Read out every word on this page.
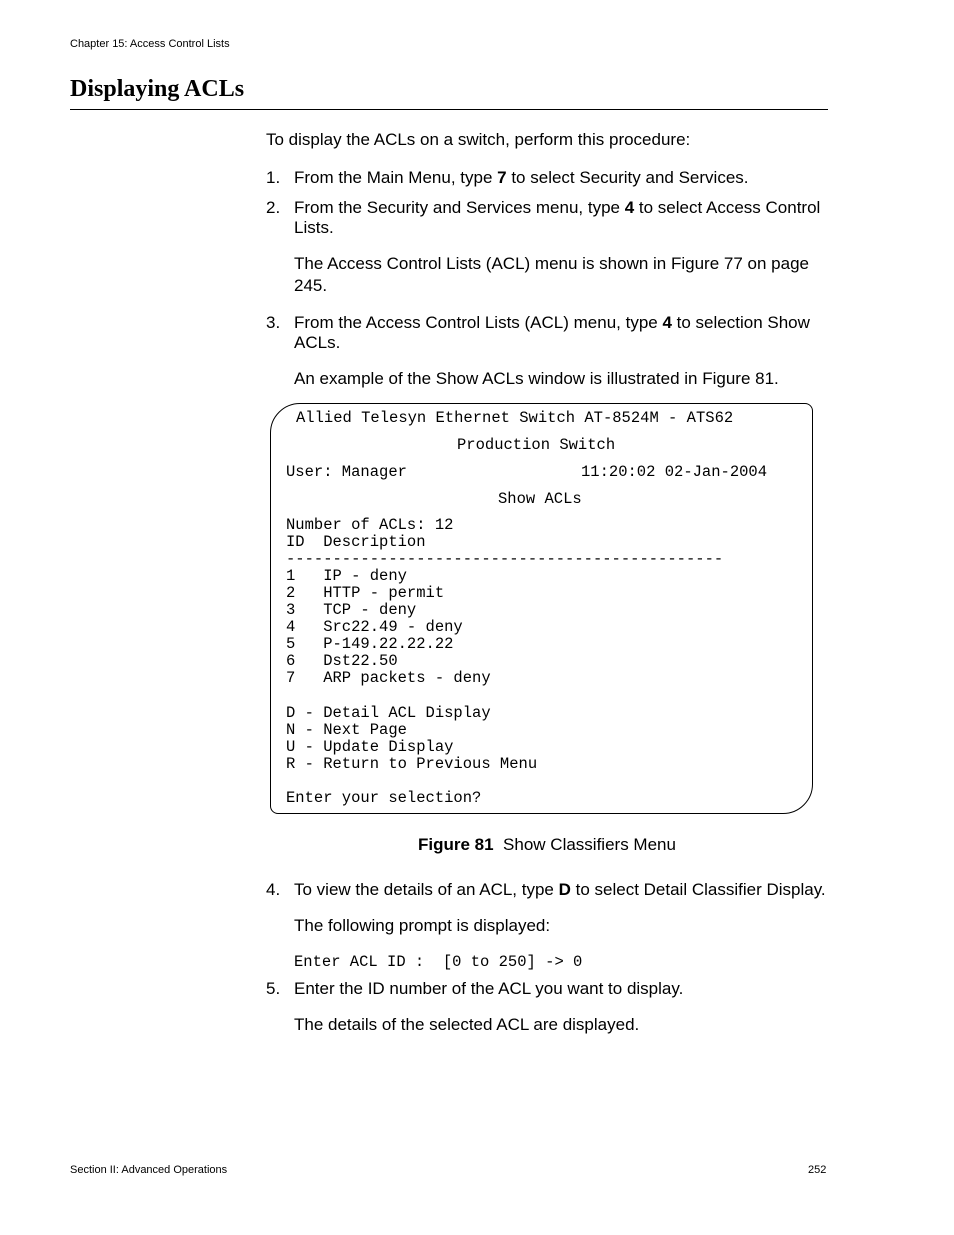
Chapter 15: Access Control Lists
Displaying ACLs
To display the ACLs on a switch, perform this procedure:
1. From the Main Menu, type 7 to select Security and Services.
2. From the Security and Services menu, type 4 to select Access Control
Lists.
The Access Control Lists (ACL) menu is shown in Figure 77 on page
245.
3. From the Access Control Lists (ACL) menu, type 4 to selection Show
ACLs.
An example of the Show ACLs window is illustrated in Figure 81.
Allied Telesyn Ethernet Switch AT-8524M - ATS62
Production Switch
User: Manager	11:20:02 02-Jan-2004
Show ACLs
Number of ACLs: 12
ID  Description
-----------------------------------------------
1   IP - deny
2   HTTP - permit
3   TCP - deny
4   Src22.49 - deny
5   P-149.22.22.22
6   Dst22.50
7   ARP packets - deny
D - Detail ACL Display
N - Next Page
U - Update Display
R - Return to Previous Menu
Enter your selection?
Figure 81 Show Classifiers Menu
4. To view the details of an ACL, type D to select Detail Classifier Display.
The following prompt is displayed:
Enter ACL ID :  [0 to 250] -> 0
5. Enter the ID number of the ACL you want to display.
The details of the selected ACL are displayed.
Section II: Advanced Operations	252
